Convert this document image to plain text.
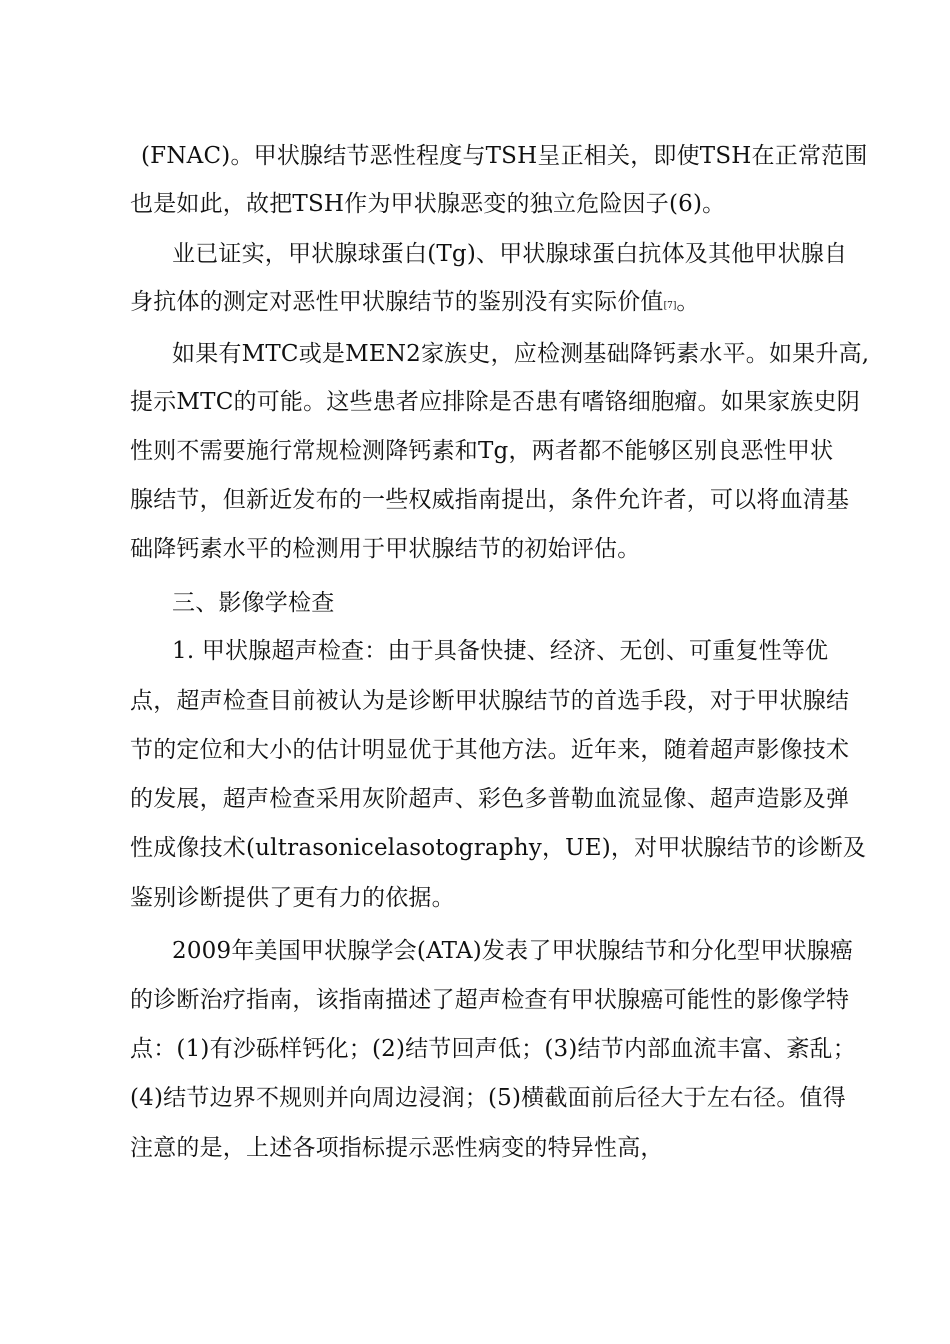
(FNAC)。甲状腺结节恶性程度与TSH呈正相关，即使TSH在正常范围
也是如此，故把TSH作为甲状腺恶变的独立危险因子(6)。
业已证实，甲状腺球蛋白(Tg)、甲状腺球蛋白抗体及其他甲状腺自
身抗体的测定对恶性甲状腺结节的鉴别没有实际价值[7]。
如果有MTC或是MEN2家族史，应检测基础降钙素水平。如果升高,
提示MTC的可能。这些患者应排除是否患有嗜铬细胞瘤。如果家族史阴
性则不需要施行常规检测降钙素和Tg，两者都不能够区别良恶性甲状
腺结节，但新近发布的一些权威指南提出，条件允许者，可以将血清基
础降钙素水平的检测用于甲状腺结节的初始评估。
三、影像学检查
1. 甲状腺超声检查：由于具备快捷、经济、无创、可重复性等优
点，超声检查目前被认为是诊断甲状腺结节的首选手段，对于甲状腺结
节的定位和大小的估计明显优于其他方法。近年来，随着超声影像技术
的发展，超声检查采用灰阶超声、彩色多普勒血流显像、超声造影及弹
性成像技术(ultrasonicelasotography，UE)，对甲状腺结节的诊断及
鉴别诊断提供了更有力的依据。
2009年美国甲状腺学会(ATA)发表了甲状腺结节和分化型甲状腺癌
的诊断治疗指南，该指南描述了超声检查有甲状腺癌可能性的影像学特
点：(1)有沙砾样钙化；(2)结节回声低；(3)结节内部血流丰富、紊乱；
(4)结节边界不规则并向周边浸润；(5)横截面前后径大于左右径。值得
注意的是，上述各项指标提示恶性病变的特异性高，
